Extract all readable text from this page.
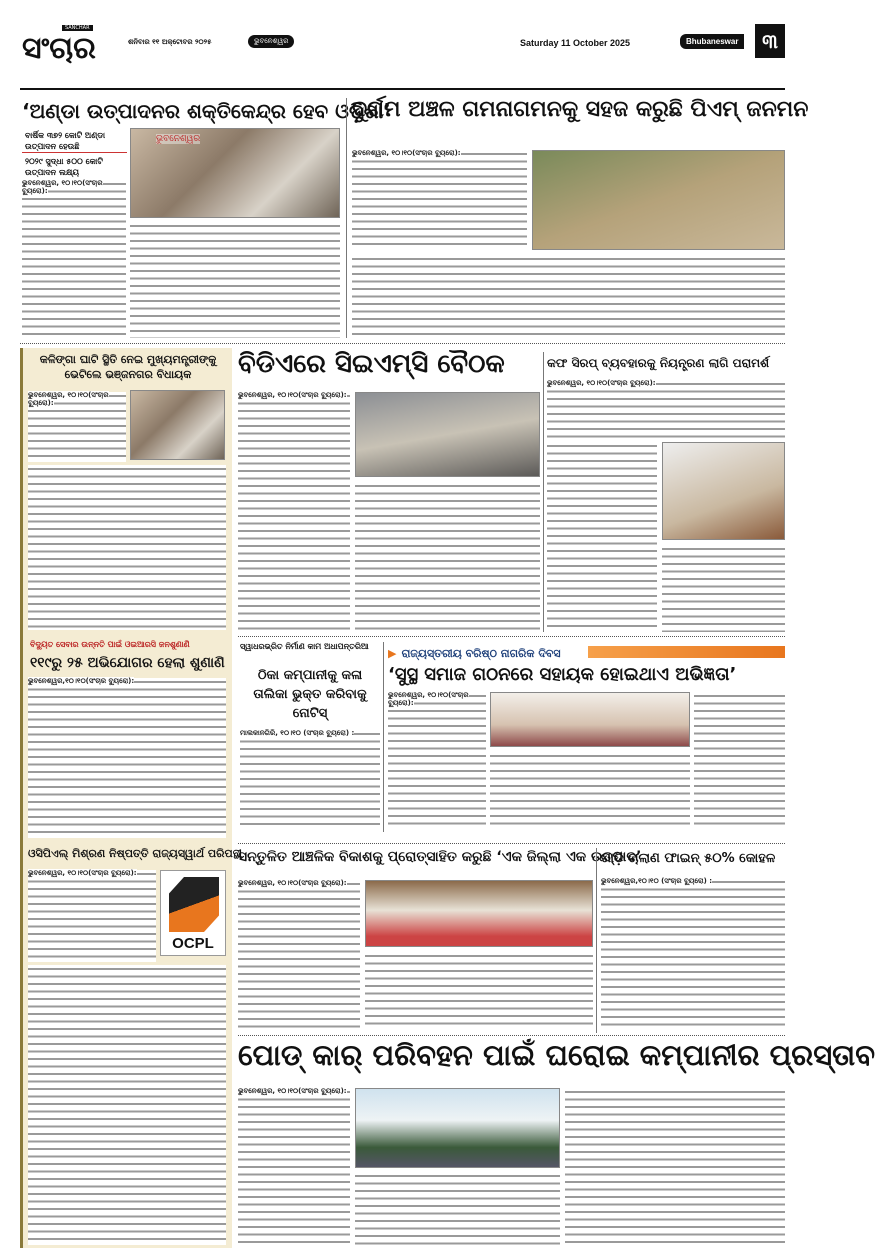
SANCHAR
ସଂଚାର	ଶନିବାର ୧୧ ଅକ୍ଟୋବର ୨୦୨୫	ଭୁବନେଶ୍ୱର	Saturday 11 October 2025	Bhubaneswar	୩
‘ଅଣ୍ଡା ଉତ୍ପାଦନର ଶକ୍ତିକେନ୍ଦ୍ର ହେବ ଓଡ଼ିଶା’
ବାର୍ଷିକ ୩୭୨ କୋଟି ଅଣ୍ଡା ଉତ୍ପାଦନ ହେଉଛି
୨୦୨୯ ସୁଦ୍ଧା ୫୦୦ କୋଟି ଉତ୍ପାଦନ ଲକ୍ଷ୍ୟ
ଭୁବନେଶ୍ୱର
ଭୁବନେଶ୍ୱର, ୧୦।୧୦(ସଂଚାର ବ୍ୟୁରୋ):
ଦୁର୍ଗମ ଅଞ୍ଚଳ ଗମନାଗମନକୁ ସହଜ କରୁଛି ପିଏମ୍ ଜନମନ
ଭୁବନେଶ୍ୱର, ୧୦।୧୦(ସଂଚାର ବ୍ୟୁରୋ):
କଳିଙ୍ଗା ଘାଟି ସ୍ଥିତି ନେଇ ମୁଖ୍ୟମନ୍ତ୍ରୀଙ୍କୁ ଭେଟିଲେ ଭଞ୍ଜନଗର ବିଧାୟକ
ଭୁବନେଶ୍ୱର, ୧୦।୧୦(ସଂଚାର ବ୍ୟୁରୋ):
ବିଦ୍ୟୁତ ସେବାର ଉନ୍ନତି ପାଇଁ ଓଇଆରସି ଜନଶୁଣାଣି
୧୧୯ରୁ ୨୫ ଅଭିଯୋଗର ହେଲା ଶୁଣାଣି
ଭୁବନେଶ୍ୱର,୧୦।୧୦(ସଂଚାର ବ୍ୟୁରୋ):
ଓସିପିଏଲ୍ ମିଶ୍ରଣ ନିଷ୍ପତ୍ତି ରାଜ୍ୟସ୍ୱାର୍ଥ ପରିପନ୍ଥୀ
ଭୁବନେଶ୍ୱର, ୧୦।୧୦(ସଂଚାର ବ୍ୟୁରୋ):
OCPL
ବିଡିଏରେ ସିଇଏମ୍ସି ବୈଠକ
ଭୁବନେଶ୍ୱର, ୧୦।୧୦(ସଂଚାର ବ୍ୟୁରୋ):
କଫ ସିରପ୍ ବ୍ୟବହାରକୁ ନିୟନ୍ତ୍ରଣ ଲାଗି ପରାମର୍ଶ
ଭୁବନେଶ୍ୱର, ୧୦।୧୦(ସଂଚାର ବ୍ୟୁରୋ):
ସ୍ୱାଧରଭ୍ରିତ ନିର୍ମାଣ କାମ ଅଧାପନ୍ତରିଆ
ଠିକା କମ୍ପାନୀକୁ କଳା ତାଲିକା ଭୁକ୍ତ କରିବାକୁ ନୋଟିସ୍
ମାଲକାନଗିରି, ୧୦।୧୦ (ସଂଚାର ବ୍ୟୁରୋ) :
▶ ରାଜ୍ୟସ୍ତରୀୟ ବରିଷ୍ଠ ନାଗରିକ ଦିବସ
‘ସୁସ୍ଥ ସମାଜ ଗଠନରେ ସହାୟକ ହୋଇଥାଏ ଅଭିଜ୍ଞତା’
ଭୁବନେଶ୍ୱର, ୧୦।୧୦(ସଂଚାର ବ୍ୟୁରୋ):
ସନ୍ତୁଳିତ ଆଞ୍ଚଳିକ ବିକାଶକୁ ପ୍ରୋତ୍ସାହିତ କରୁଛି ‘ଏକ ଜିଲ୍ଲା ଏକ ଉତ୍ପାଦ’
ଭୁବନେଶ୍ୱର, ୧୦।୧୦(ସଂଚାର ବ୍ୟୁରୋ):
ଗାଡ଼ି ଚାଲାଣ ଫାଇନ୍ ୫୦% କୋହଳ
ଭୁବନେଶ୍ୱର,୧୦।୧୦ (ସଂଚାର ବ୍ୟୁରୋ) :
ପୋଡ୍ କାର୍ ପରିବହନ ପାଇଁ ଘରୋଇ କମ୍ପାନୀର ପ୍ରସ୍ତାବ
ଭୁବନେଶ୍ୱର, ୧୦।୧୦(ସଂଚାର ବ୍ୟୁରୋ):
